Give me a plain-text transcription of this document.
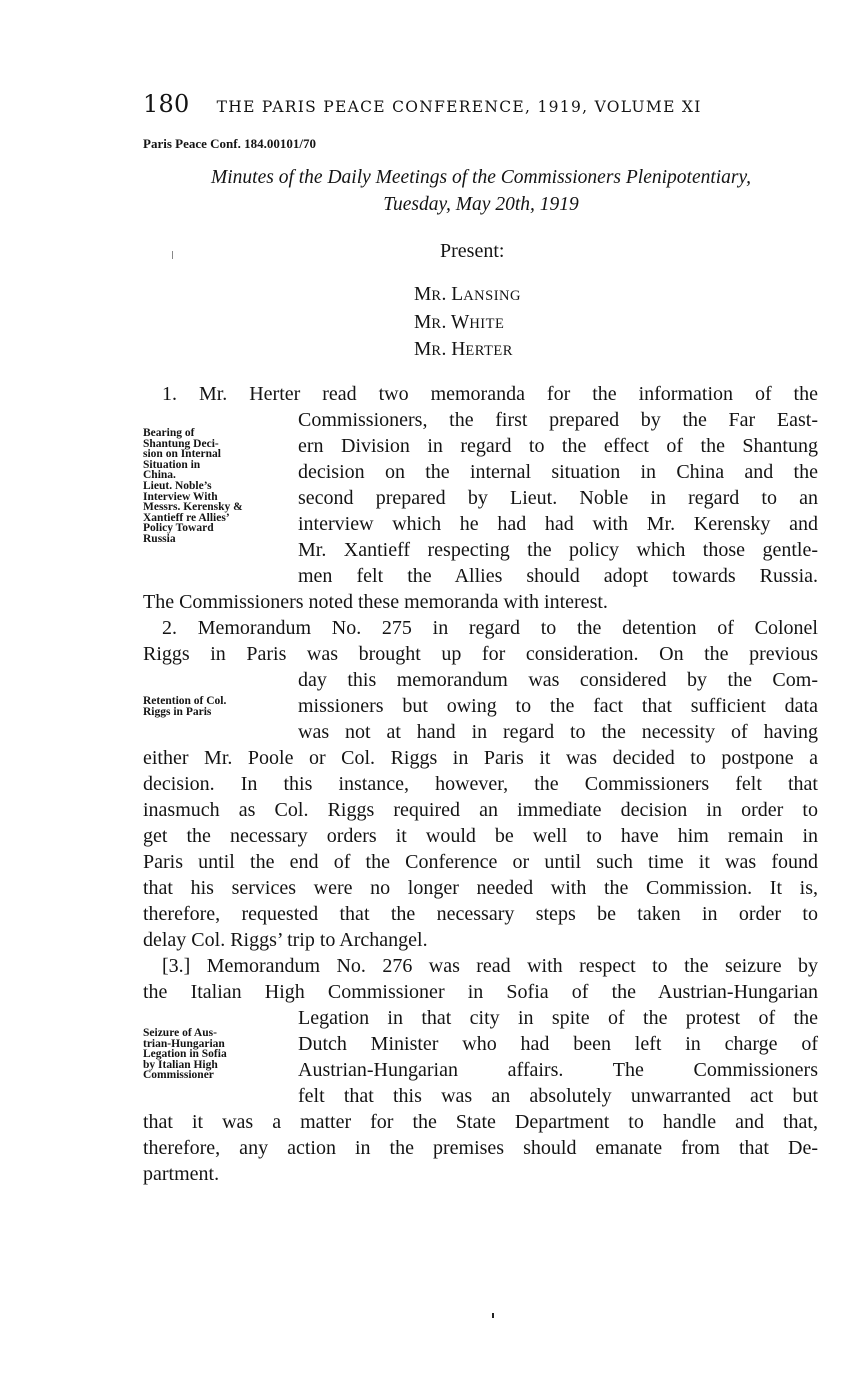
180 THE PARIS PEACE CONFERENCE, 1919, VOLUME XI
Paris Peace Conf. 184.00101/70
Minutes of the Daily Meetings of the Commissioners Plenipotentiary,
Tuesday, May 20th, 1919
Present:
MR. LANSING
MR. WHITE
MR. HERTER
1. Mr. Herter read two memoranda for the information of the
Commissioners, the first prepared by the Far East-
ern Division in regard to the effect of the Shantung
decision on the internal situation in China and the
second prepared by Lieut. Noble in regard to an
interview which he had had with Mr. Kerensky and
Mr. Xantieff respecting the policy which those gentle-
men felt the Allies should adopt towards Russia.
The Commissioners noted these memoranda with interest.
Bearing of
Shantung Deci-
sion on Internal
Situation in
China.
Lieut. Noble’s
Interview With
Messrs. Kerensky &
Xantieff re Allies’
Policy Toward
Russia
2. Memorandum No. 275 in regard to the detention of Colonel
Riggs in Paris was brought up for consideration. On the previous
day this memorandum was considered by the Com-
missioners but owing to the fact that sufficient data
was not at hand in regard to the necessity of having
either Mr. Poole or Col. Riggs in Paris it was decided to postpone a
decision. In this instance, however, the Commissioners felt that
inasmuch as Col. Riggs required an immediate decision in order to
get the necessary orders it would be well to have him remain in
Paris until the end of the Conference or until such time it was found
that his services were no longer needed with the Commission. It is,
therefore, requested that the necessary steps be taken in order to
delay Col. Riggs’ trip to Archangel.
Retention of Col.
Riggs in Paris
[3.] Memorandum No. 276 was read with respect to the seizure by
the Italian High Commissioner in Sofia of the Austrian-Hungarian
Legation in that city in spite of the protest of the
Dutch Minister who had been left in charge of
Austrian-Hungarian affairs. The Commissioners
felt that this was an absolutely unwarranted act but
that it was a matter for the State Department to handle and that,
therefore, any action in the premises should emanate from that De-
partment.
Seizure of Aus-
trian-Hungarian
Legation in Sofia
by Italian High
Commissioner
